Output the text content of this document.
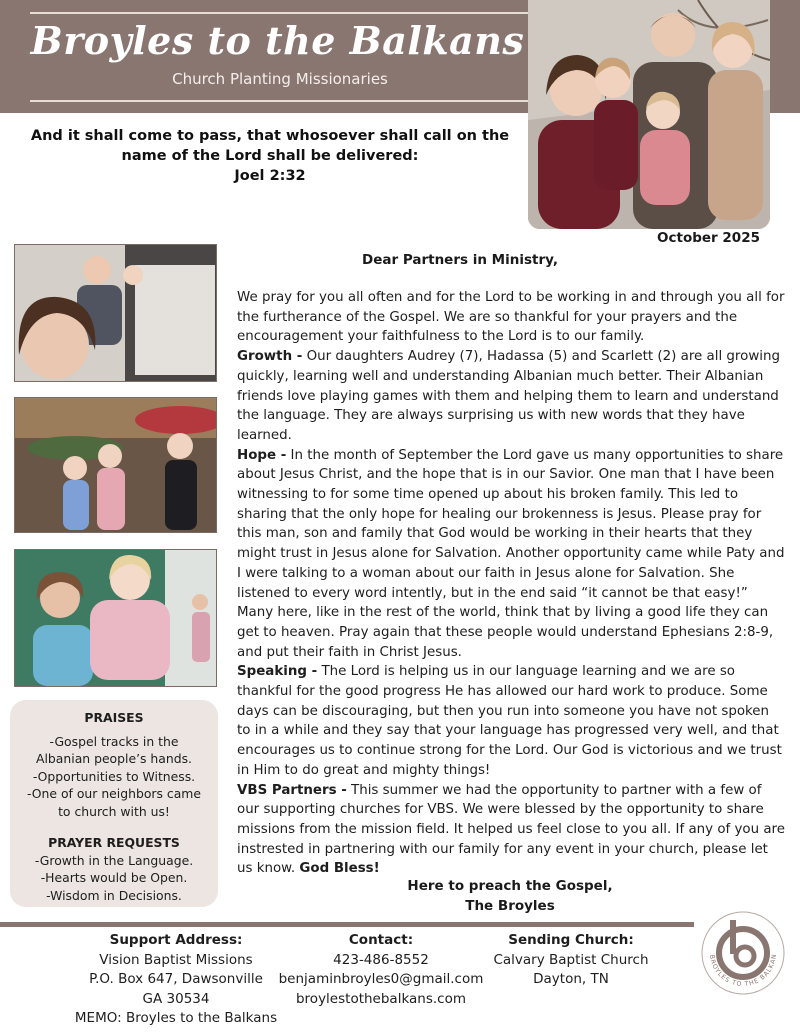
Broyles to the Balkans
Church Planting Missionaries
And it shall come to pass, that whosoever shall call on the
name of the Lord shall be delivered:
Joel 2:32
October 2025
Dear Partners in Ministry,

We pray for you all often and for the Lord to be working in and through you all for the furtherance of the Gospel. We are so thankful for your prayers and the encouragement your faithfulness to the Lord is to our family.

Growth - Our daughters Audrey (7), Hadassa (5) and Scarlett (2) are all growing quickly, learning well and understanding Albanian much better. Their Albanian friends love playing games with them and helping them to learn and understand the language. They are always surprising us with new words that they have learned.

Hope - In the month of September the Lord gave us many opportunities to share about Jesus Christ, and the hope that is in our Savior. One man that I have been witnessing to for some time opened up about his broken family. This led to sharing that the only hope for healing our brokenness is Jesus. Please pray for this man, son and family that God would be working in their hearts that they might trust in Jesus alone for Salvation. Another opportunity came while Paty and I were talking to a woman about our faith in Jesus alone for Salvation. She listened to every word intently, but in the end said “it cannot be that easy!” Many here, like in the rest of the world, think that by living a good life they can get to heaven. Pray again that these people would understand Ephesians 2:8-9, and put their faith in Christ Jesus.

Speaking - The Lord is helping us in our language learning and we are so thankful for the good progress He has allowed our hard work to produce. Some days can be discouraging, but then you run into someone you have not spoken to in a while and they say that your language has progressed very well, and that encourages us to continue strong for the Lord. Our God is victorious and we trust in Him to do great and mighty things!

VBS Partners - This summer we had the opportunity to partner with a few of our supporting churches for VBS. We were blessed by the opportunity to share missions from the mission field. It helped us feel close to you all. If any of you are instrested in partnering with our family for any event in your church, please let us know. God Bless!

Here to preach the Gospel,
The Broyles
PRAISES
-Gospel tracks in the Albanian people’s hands.
-Opportunities to Witness.
-One of our neighbors came to church with us!
PRAYER REQUESTS
-Growth in the Language.
-Hearts would be Open.
-Wisdom in Decisions.
Support Address:
Vision Baptist Missions
P.O. Box 647, Dawsonville
GA 30534
MEMO: Broyles to the Balkans
Contact:
423-486-8552
benjaminbroyles0@gmail.com
broylestothebalkans.com
Sending Church:
Calvary Baptist Church
Dayton, TN
BROYLES TO THE BALKAN
